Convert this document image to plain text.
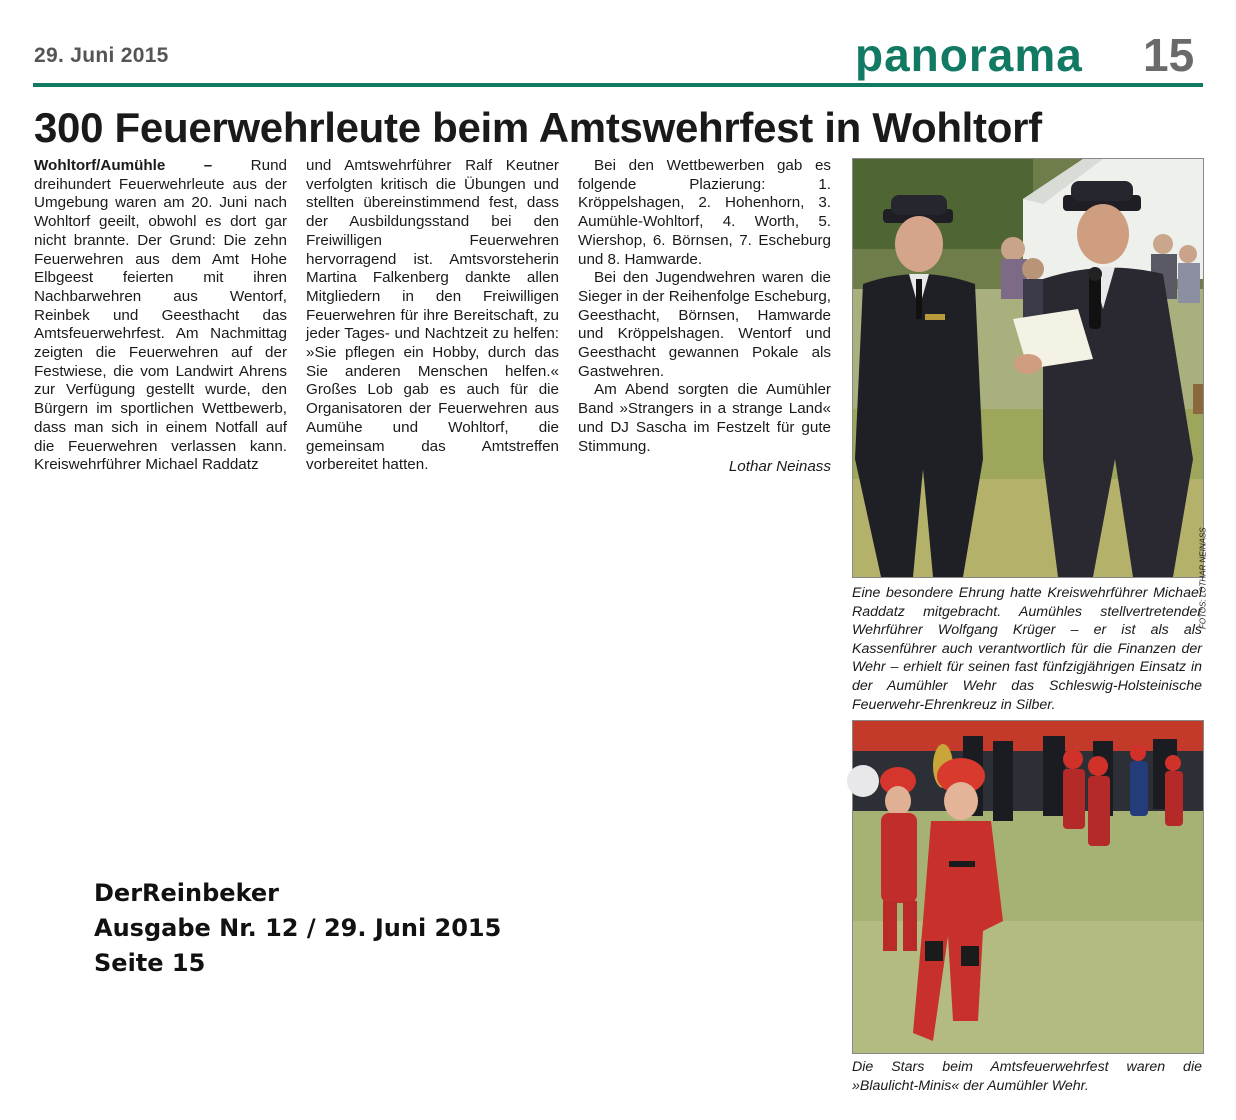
29. Juni 2015	panorama 15
300 Feuerwehrleute beim Amtswehrfest in Wohltorf

Wohltorf/Aumühle –	Rund dreihundert Feuerwehrleute aus der Umgebung waren am 20. Juni nach Wohltorf geeilt, obwohl es dort gar nicht brannte. Der Grund: Die zehn Feuerwehren aus dem Amt Hohe Elbgeest feierten mit ihren Nachbarwehren aus Wentorf, Reinbek und Geesthacht das Amtsfeuerwehrfest. Am Nachmittag zeigten die Feuerwehren auf der Festwiese, die vom Landwirt Ahrens zur Verfügung gestellt wurde, den Bürgern im sportlichen Wettbewerb, dass man sich in einem Notfall auf die Feuerwehren verlassen kann. Kreiswehrführer Michael Raddatz

und Amtswehrführer Ralf Keutner verfolgten kritisch die Übungen und stellten übereinstimmend fest, dass der Ausbildungsstand bei den Freiwilligen Feuerwehren hervorragend ist. Amtsvorsteherin Martina Falkenberg dankte allen Mitgliedern in den Freiwilligen Feuerwehren für ihre Bereitschaft, zu jeder Tages- und Nachtzeit zu helfen: »Sie pflegen ein Hobby, durch das Sie anderen Menschen helfen.« Großes Lob gab es auch für die Organisatoren der Feuerwehren aus Aumühe und Wohltorf, die gemeinsam das Amtstreffen vorbereitet hatten.

Bei den Wettbewerben gab es folgende Plazierung: 1. Kröppelshagen, 2. Hohenhorn, 3. Aumühle-Wohltorf, 4. Worth, 5. Wiershop, 6. Börnsen, 7. Escheburg und 8. Hamwarde.

Bei den Jugendwehren waren die Sieger in der Reihenfolge Escheburg, Geesthacht, Börnsen, Hamwarde und Kröppelshagen. Wentorf und Geesthacht gewannen Pokale als Gastwehren.

Am Abend sorgten die Aumühler Band »Strangers in a strange Land« und DJ Sascha im Festzelt für gute Stimmung.

Lothar Neinass
FOTOS: LOTHAR NEINASS
Eine besondere Ehrung hatte Kreiswehrführer Michael Raddatz mitgebracht. Aumühles stellvertretender Wehrführer Wolfgang Krüger – er ist als als Kassenführer auch verantwortlich für die Finanzen der Wehr – erhielt für seinen fast fünfzigjährigen Einsatz in der Aumühler Wehr das Schleswig-Holsteinische Feuerwehr-Ehrenkreuz in Silber.
Die Stars beim Amtsfeuerwehrfest waren die »Blaulicht-Minis« der Aumühler Wehr.
DerReinbeker
Ausgabe Nr. 12 / 29. Juni 2015
Seite 15
